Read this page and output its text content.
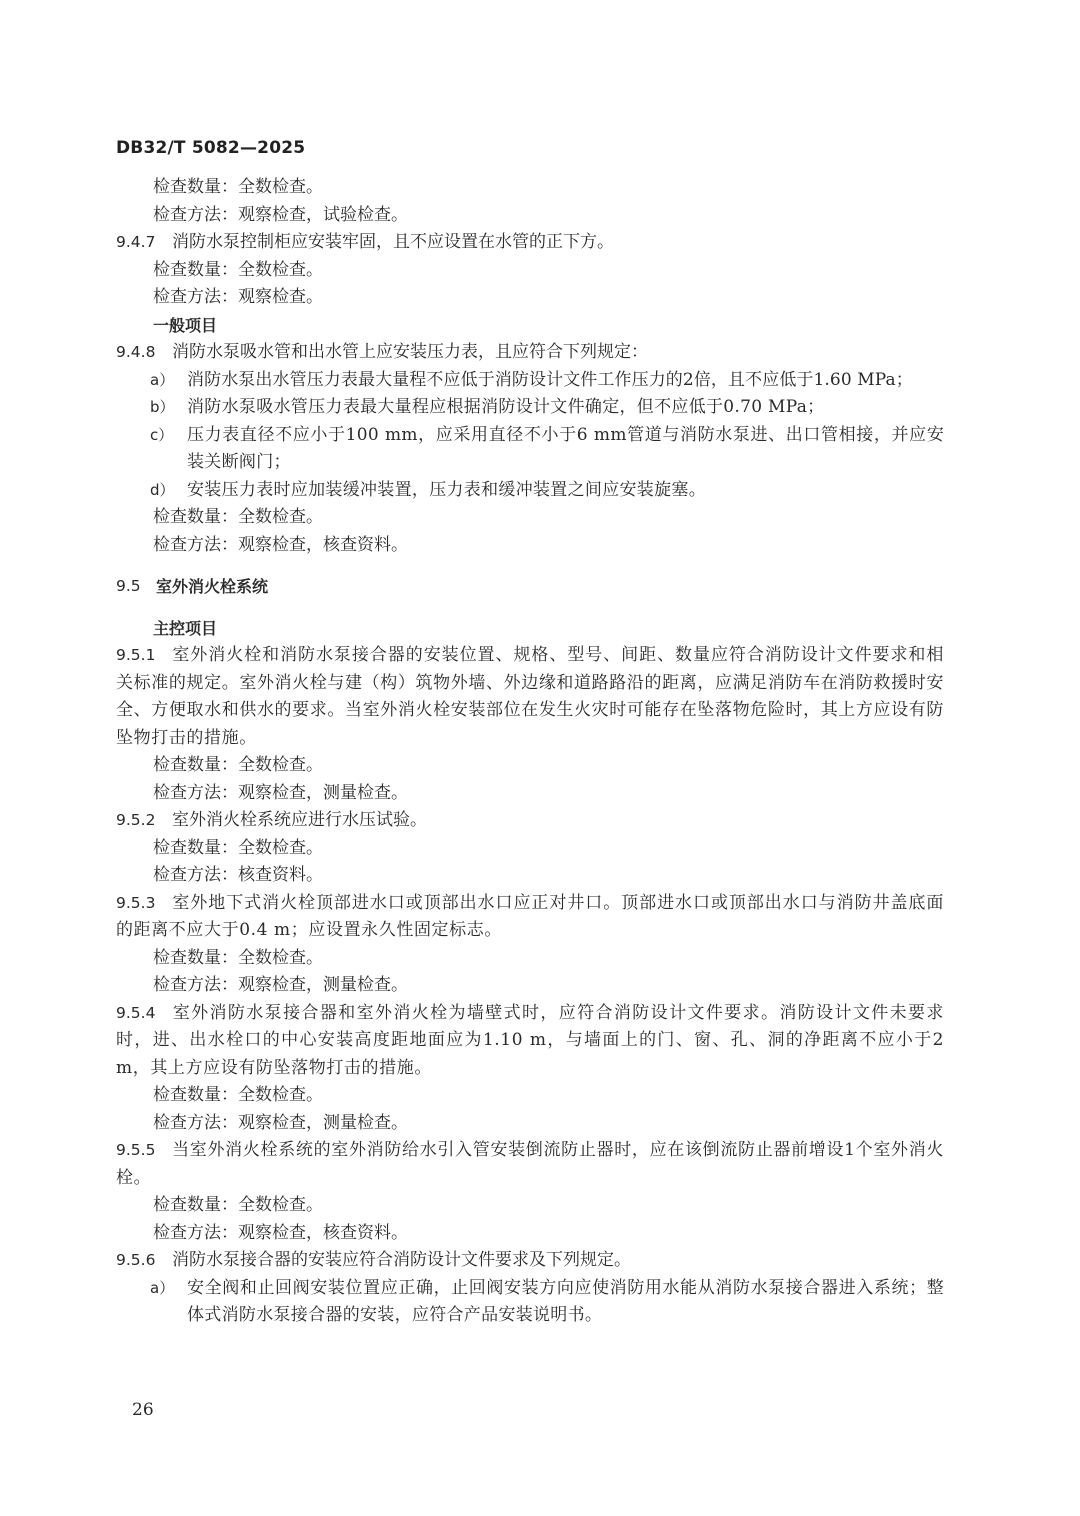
DB32/T 5082—2025
检查数量：全数检查。
检查方法：观察检查，试验检查。
9.4.7 消防水泵控制柜应安装牢固，且不应设置在水管的正下方。
检查数量：全数检查。
检查方法：观察检查。
一般项目
9.4.8 消防水泵吸水管和出水管上应安装压力表，且应符合下列规定：
a） 消防水泵出水管压力表最大量程不应低于消防设计文件工作压力的2倍，且不应低于1.60 MPa；
b） 消防水泵吸水管压力表最大量程应根据消防设计文件确定，但不应低于0.70 MPa；
c） 压力表直径不应小于100 mm，应采用直径不小于6 mm管道与消防水泵进、出口管相接，并应安装关断阀门；
d） 安装压力表时应加装缓冲装置，压力表和缓冲装置之间应安装旋塞。
检查数量：全数检查。
检查方法：观察检查，核查资料。
9.5 室外消火栓系统
主控项目
9.5.1 室外消火栓和消防水泵接合器的安装位置、规格、型号、间距、数量应符合消防设计文件要求和相关标准的规定。室外消火栓与建（构）筑物外墙、外边缘和道路路沿的距离，应满足消防车在消防救援时安全、方便取水和供水的要求。当室外消火栓安装部位在发生火灾时可能存在坠落物危险时，其上方应设有防坠物打击的措施。
检查数量：全数检查。
检查方法：观察检查，测量检查。
9.5.2 室外消火栓系统应进行水压试验。
检查数量：全数检查。
检查方法：核查资料。
9.5.3 室外地下式消火栓顶部进水口或顶部出水口应正对井口。顶部进水口或顶部出水口与消防井盖底面的距离不应大于0.4 m；应设置永久性固定标志。
检查数量：全数检查。
检查方法：观察检查，测量检查。
9.5.4 室外消防水泵接合器和室外消火栓为墙壁式时，应符合消防设计文件要求。消防设计文件未要求时，进、出水栓口的中心安装高度距地面应为1.10 m，与墙面上的门、窗、孔、洞的净距离不应小于2 m，其上方应设有防坠落物打击的措施。
检查数量：全数检查。
检查方法：观察检查，测量检查。
9.5.5 当室外消火栓系统的室外消防给水引入管安装倒流防止器时，应在该倒流防止器前增设1个室外消火栓。
检查数量：全数检查。
检查方法：观察检查，核查资料。
9.5.6 消防水泵接合器的安装应符合消防设计文件要求及下列规定。
a） 安全阀和止回阀安装位置应正确，止回阀安装方向应使消防用水能从消防水泵接合器进入系统；整体式消防水泵接合器的安装，应符合产品安装说明书。
26
